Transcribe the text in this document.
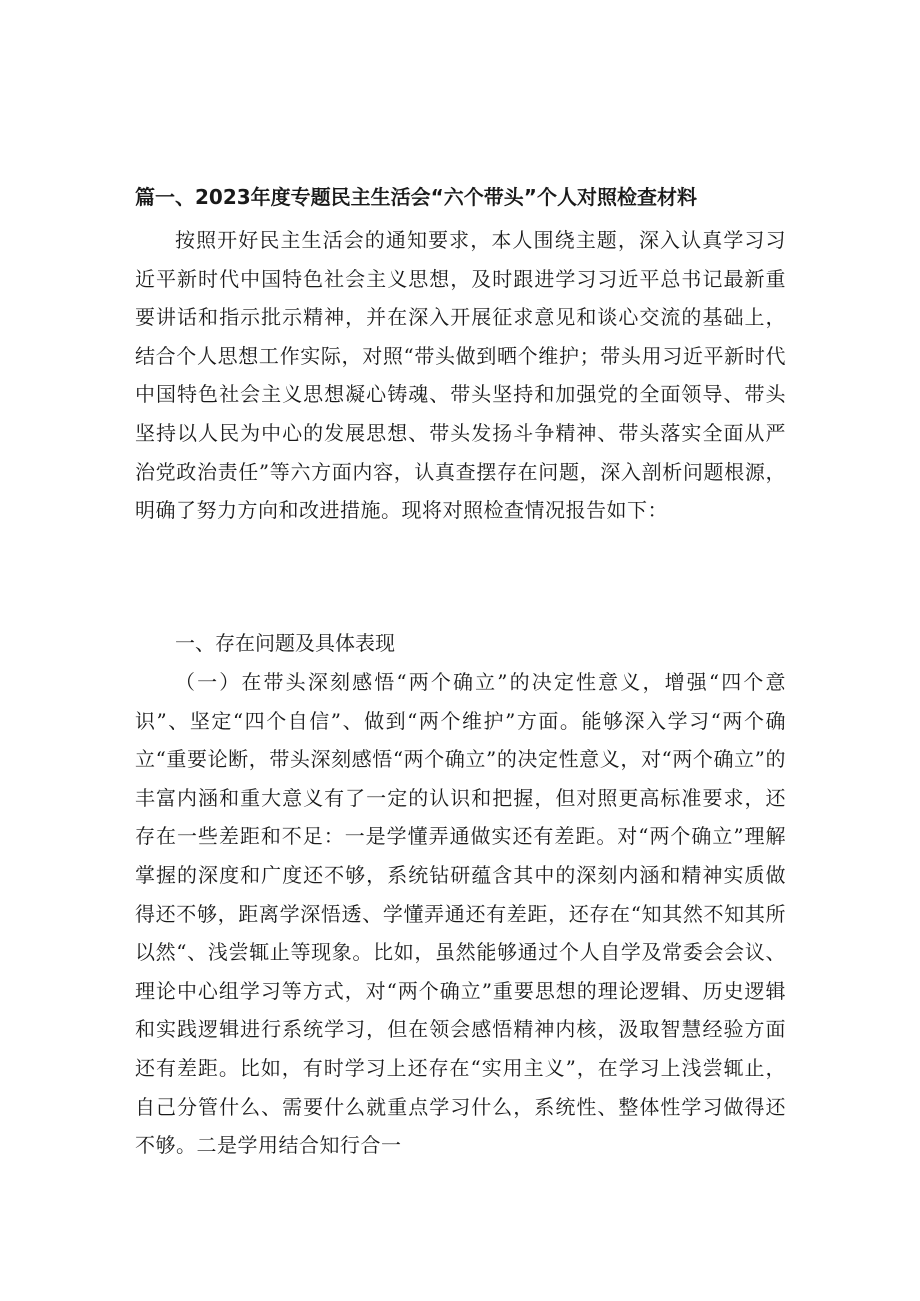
篇一、2023年度专题民主生活会“六个带头”个人对照检查材料

按照开好民主生活会的通知要求，本人围绕主题，深入认真学习习近平新时代中国特色社会主义思想，及时跟进学习习近平总书记最新重要讲话和指示批示精神，并在深入开展征求意见和谈心交流的基础上，结合个人思想工作实际，对照“带头做到晒个维护；带头用习近平新时代中国特色社会主义思想凝心铸魂、带头坚持和加强党的全面领导、带头坚持以人民为中心的发展思想、带头发扬斗争精神、带头落实全面从严治党政治责任”等六方面内容，认真查摆存在问题，深入剖析问题根源，明确了努力方向和改进措施。现将对照检查情况报告如下：

一、存在问题及具体表现

（一）在带头深刻感悟“两个确立”的决定性意义，增强“四个意识”、坚定“四个自信”、做到“两个维护”方面。能够深入学习“两个确立“重要论断，带头深刻感悟“两个确立”的决定性意义，对“两个确立”的丰富内涵和重大意义有了一定的认识和把握，但对照更高标准要求，还存在一些差距和不足：一是学懂弄通做实还有差距。对“两个确立”理解掌握的深度和广度还不够，系统钻研蕴含其中的深刻内涵和精神实质做得还不够，距离学深悟透、学懂弄通还有差距，还存在“知其然不知其所以然“、浅尝辄止等现象。比如，虽然能够通过个人自学及常委会会议、理论中心组学习等方式，对“两个确立”重要思想的理论逻辑、历史逻辑和实践逻辑进行系统学习，但在领会感悟精神内核，汲取智慧经验方面还有差距。比如，有时学习上还存在“实用主义”，在学习上浅尝辄止，自己分管什么、需要什么就重点学习什么，系统性、整体性学习做得还不够。二是学用结合知行合一
